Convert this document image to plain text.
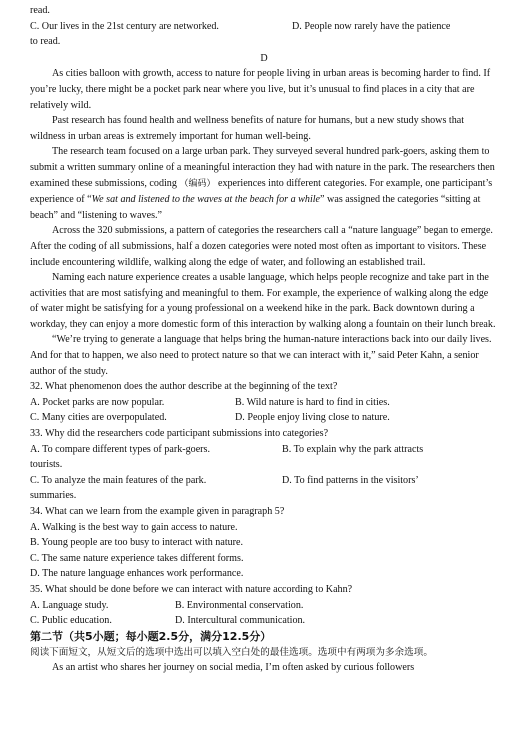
read.

C. Our lives in the 21st century are networked.	D. People now rarely have the patience

to read.

D

As cities balloon with growth, access to nature for people living in urban areas is becoming harder to find. If you’re lucky, there might be a pocket park near where you live, but it’s unusual to find places in a city that are relatively wild.

Past research has found health and wellness benefits of nature for humans, but a new study shows that wildness in urban areas is extremely important for human well-being.

The research team focused on a large urban park. They surveyed several hundred park-goers, asking them to submit a written summary online of a meaningful interaction they had with nature in the park. The researchers then examined these submissions, coding （编码） experiences into different categories. For example, one participant’s experience of “We sat and listened to the waves at the beach for a while” was assigned the categories “sitting at beach” and “listening to waves.”

Across the 320 submissions, a pattern of categories the researchers call a “nature language” began to emerge. After the coding of all submissions, half a dozen categories were noted most often as important to visitors. These include encountering wildlife, walking along the edge of water, and following an established trail.

Naming each nature experience creates a usable language, which helps people recognize and take part in the activities that are most satisfying and meaningful to them. For example, the experience of walking along the edge of water might be satisfying for a young professional on a weekend hike in the park. Back downtown during a workday, they can enjoy a more domestic form of this interaction by walking along a fountain on their lunch break.

“We’re trying to generate a language that helps bring the human-nature interactions back into our daily lives. And for that to happen, we also need to protect nature so that we can interact with it,” said Peter Kahn, a senior author of the study.

32. What phenomenon does the author describe at the beginning of the text?

A. Pocket parks are now popular.	B. Wild nature is hard to find in cities.
C. Many cities are overpopulated.	D. People enjoy living close to nature.

33. Why did the researchers code participant submissions into categories?

A. To compare different types of park-goers.	B. To explain why the park attracts

tourists.

C. To analyze the main features of the park.	D. To find patterns in the visitors’

summaries.

34. What can we learn from the example given in paragraph 5?

A. Walking is the best way to gain access to nature.

B. Young people are too busy to interact with nature.

C. The same nature experience takes different forms.

D. The nature language enhances work performance.

35. What should be done before we can interact with nature according to Kahn?

A. Language study.	B. Environmental conservation.
C. Public education.	D. Intercultural communication.

第二节（共5小题；每小题2.5分，满分12.5分）

阅读下面短文，从短文后的选项中选出可以填入空白处的最佳选项。选项中有两项为多余选项。

As an artist who shares her journey on social media, I’m often asked by curious followers
